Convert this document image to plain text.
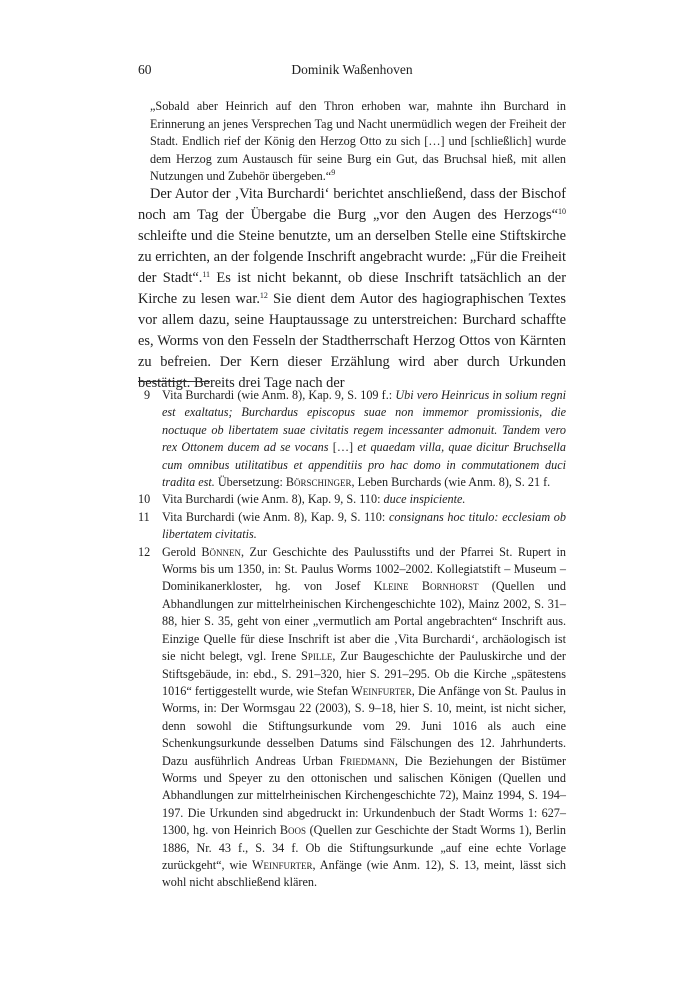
60	Dominik Waßenhoven
„Sobald aber Heinrich auf den Thron erhoben war, mahnte ihn Burchard in Erinnerung an jenes Versprechen Tag und Nacht unermüdlich wegen der Freiheit der Stadt. Endlich rief der König den Herzog Otto zu sich […] und [schließlich] wurde dem Herzog zum Austausch für seine Burg ein Gut, das Bruchsal hieß, mit allen Nutzungen und Zubehör übergeben.“$^9$

Der Autor der ‚Vita Burchardi‘ berichtet anschließend, dass der Bischof noch am Tag der Übergabe die Burg „vor den Augen des Herzogs“$^{10}$ schleifte und die Steine benutzte, um an derselben Stelle eine Stiftskirche zu errichten, an der folgende Inschrift angebracht wurde: „Für die Freiheit der Stadt“.$^{11}$ Es ist nicht bekannt, ob diese Inschrift tatsächlich an der Kirche zu lesen war.$^{12}$ Sie dient dem Autor des hagiographischen Textes vor allem dazu, seine Hauptaussage zu unterstreichen: Burchard schaffte es, Worms von den Fesseln der Stadtherrschaft Herzog Ottos von Kärnten zu befreien. Der Kern dieser Erzählung wird aber durch Urkunden bestätigt. Bereits drei Tage nach der

9 Vita Burchardi (wie Anm. 8), Kap. 9, S. 109 f.: Ubi vero Heinricus in solium regni est exaltatus; Burchardus episcopus suae non immemor promissionis, die noctuque ob libertatem suae civitatis regem incessanter admonuit. Tandem vero rex Ottonem ducem ad se vocans […] et quaedam villa, quae dicitur Bruchsella cum omnibus utilitatibus et appenditiis pro hac domo in commutationem duci tradita est. Übersetzung: Börschinger, Leben Burchards (wie Anm. 8), S. 21 f.

10 Vita Burchardi (wie Anm. 8), Kap. 9, S. 110: duce inspiciente.

11 Vita Burchardi (wie Anm. 8), Kap. 9, S. 110: consignans hoc titulo: ecclesiam ob libertatem civitatis.

12 Gerold Bönnen, Zur Geschichte des Paulusstifts und der Pfarrei St. Rupert in Worms bis um 1350, in: St. Paulus Worms 1002–2002. Kollegiatstift – Museum – Dominikanerkloster, hg. von Josef Kleine Bornhorst (Quellen und Abhandlungen zur mittelrheinischen Kirchengeschichte 102), Mainz 2002, S. 31–88, hier S. 35, geht von einer „vermutlich am Portal angebrachten“ Inschrift aus. Einzige Quelle für diese Inschrift ist aber die ‚Vita Burchardi‘, archäologisch ist sie nicht belegt, vgl. Irene Spille, Zur Baugeschichte der Pauluskirche und der Stiftsgebäude, in: ebd., S. 291–320, hier S. 291–295. Ob die Kirche „spätestens 1016“ fertiggestellt wurde, wie Stefan Weinfurter, Die Anfänge von St. Paulus in Worms, in: Der Wormsgau 22 (2003), S. 9–18, hier S. 10, meint, ist nicht sicher, denn sowohl die Stiftungsurkunde vom 29. Juni 1016 als auch eine Schenkungsurkunde desselben Datums sind Fälschungen des 12. Jahrhunderts. Dazu ausführlich Andreas Urban Friedmann, Die Beziehungen der Bistümer Worms und Speyer zu den ottonischen und salischen Königen (Quellen und Abhandlungen zur mittelrheinischen Kirchengeschichte 72), Mainz 1994, S. 194–197. Die Urkunden sind abgedruckt in: Urkundenbuch der Stadt Worms 1: 627–1300, hg. von Heinrich Boos (Quellen zur Geschichte der Stadt Worms 1), Berlin 1886, Nr. 43 f., S. 34 f. Ob die Stiftungsurkunde „auf eine echte Vorlage zurückgeht“, wie Weinfurter, Anfänge (wie Anm. 12), S. 13, meint, lässt sich wohl nicht abschließend klären.
